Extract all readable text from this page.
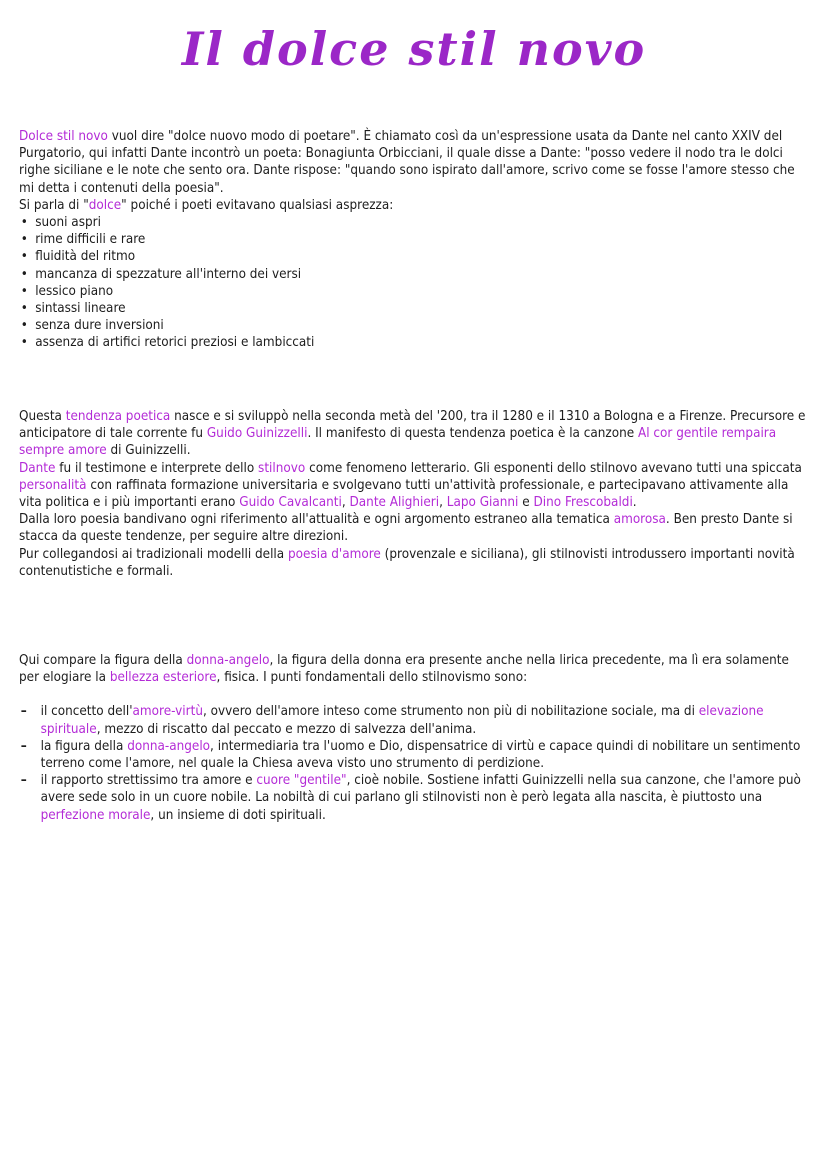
Il dolce stil novo

Dolce stil novo vuol dire "dolce nuovo modo di poetare". È chiamato così da un'espressione usata da Dante nel canto XXIV del Purgatorio, qui infatti Dante incontrò un poeta: Bonagiunta Orbicciani, il quale disse a Dante: "posso vedere il nodo tra le dolci righe siciliane e le note che sento ora. Dante rispose: "quando sono ispirato dall'amore, scrivo come se fosse l'amore stesso che mi detta i contenuti della poesia".

Si parla di "dolce" poiché i poeti evitavano qualsiasi asprezza:

• suoni aspri
• rime difficili e rare
• fluidità del ritmo
• mancanza di spezzature all'interno dei versi
• lessico piano
• sintassi lineare
• senza dure inversioni
• assenza di artifici retorici preziosi e lambiccati

Questa tendenza poetica nasce e si sviluppò nella seconda metà del '200, tra il 1280 e il 1310 a Bologna e a Firenze. Precursore e anticipatore di tale corrente fu Guido Guinizzelli. Il manifesto di questa tendenza poetica è la canzone Al cor gentile rempaira sempre amore di Guinizzelli.

Dante fu il testimone e interprete dello stilnovo come fenomeno letterario. Gli esponenti dello stilnovo avevano tutti una spiccata personalità con raffinata formazione universitaria e svolgevano tutti un'attività professionale, e partecipavano attivamente alla vita politica e i più importanti erano Guido Cavalcanti, Dante Alighieri, Lapo Gianni e Dino Frescobaldi.

Dalla loro poesia bandivano ogni riferimento all'attualità e ogni argomento estraneo alla tematica amorosa. Ben presto Dante si stacca da queste tendenze, per seguire altre direzioni.

Pur collegandosi ai tradizionali modelli della poesia d'amore (provenzale e siciliana), gli stilnovisti introdussero importanti novità contenutistiche e formali.

Qui compare la figura della donna-angelo, la figura della donna era presente anche nella lirica precedente, ma lì era solamente per elogiare la bellezza esteriore, fisica. I punti fondamentali dello stilnovismo sono:

– il concetto dell'amore-virtù, ovvero dell'amore inteso come strumento non più di nobilitazione sociale, ma di elevazione spirituale, mezzo di riscatto dal peccato e mezzo di salvezza dell'anima.
– la figura della donna-angelo, intermediaria tra l'uomo e Dio, dispensatrice di virtù e capace quindi di nobilitare un sentimento terreno come l'amore, nel quale la Chiesa aveva visto uno strumento di perdizione.
– il rapporto strettissimo tra amore e cuore "gentile", cioè nobile. Sostiene infatti Guinizzelli nella sua canzone, che l'amore può avere sede solo in un cuore nobile. La nobiltà di cui parlano gli stilnovisti non è però legata alla nascita, è piuttosto una perfezione morale, un insieme di doti spirituali.
